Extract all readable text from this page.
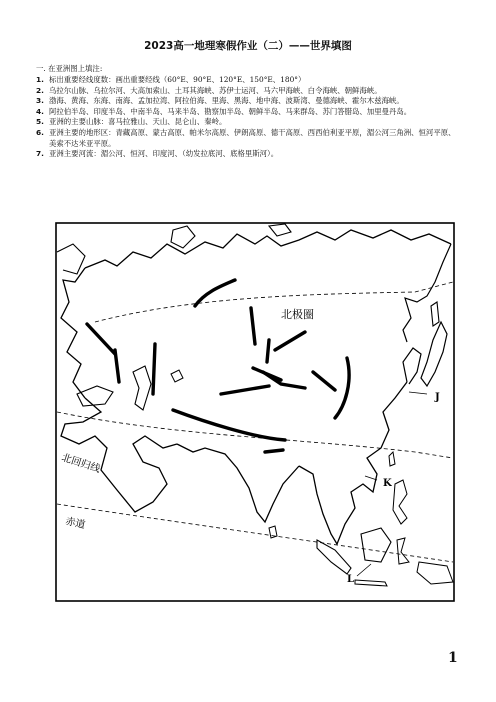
2023高一地理寒假作业（二）——世界填图
一. 在亚洲图上填注:
1. 标出重要经线度数：画出重要经线（60°E、90°E、120°E、150°E、180°）
2. 乌拉尔山脉、乌拉尔河、大高加索山、土耳其海峡、苏伊士运河、马六甲海峡、白令海峡、朝鲜海峡。
3. 渤海、黄海、东海、南海、孟加拉湾、阿拉伯海、里海、黑海、地中海、波斯湾、曼德海峡、霍尔木兹海峡。
4. 阿拉伯半岛、印度半岛、中南半岛、马来半岛、勘察加半岛、朝鲜半岛、马来群岛、苏门答腊岛、加里曼丹岛。
5. 亚洲的主要山脉：喜马拉雅山、天山、昆仑山、秦岭。
6. 亚洲主要的地形区：青藏高原、蒙古高原、帕米尔高原、伊朗高原、德干高原、西西伯利亚平原，湄公河三角洲、恒河平原、美索不达米亚平原。
7. 亚洲主要河流：湄公河、恒河、印度河、（幼发拉底河、底格里斯河）。
北极圈
北回归线
赤道
J
K
L
1
